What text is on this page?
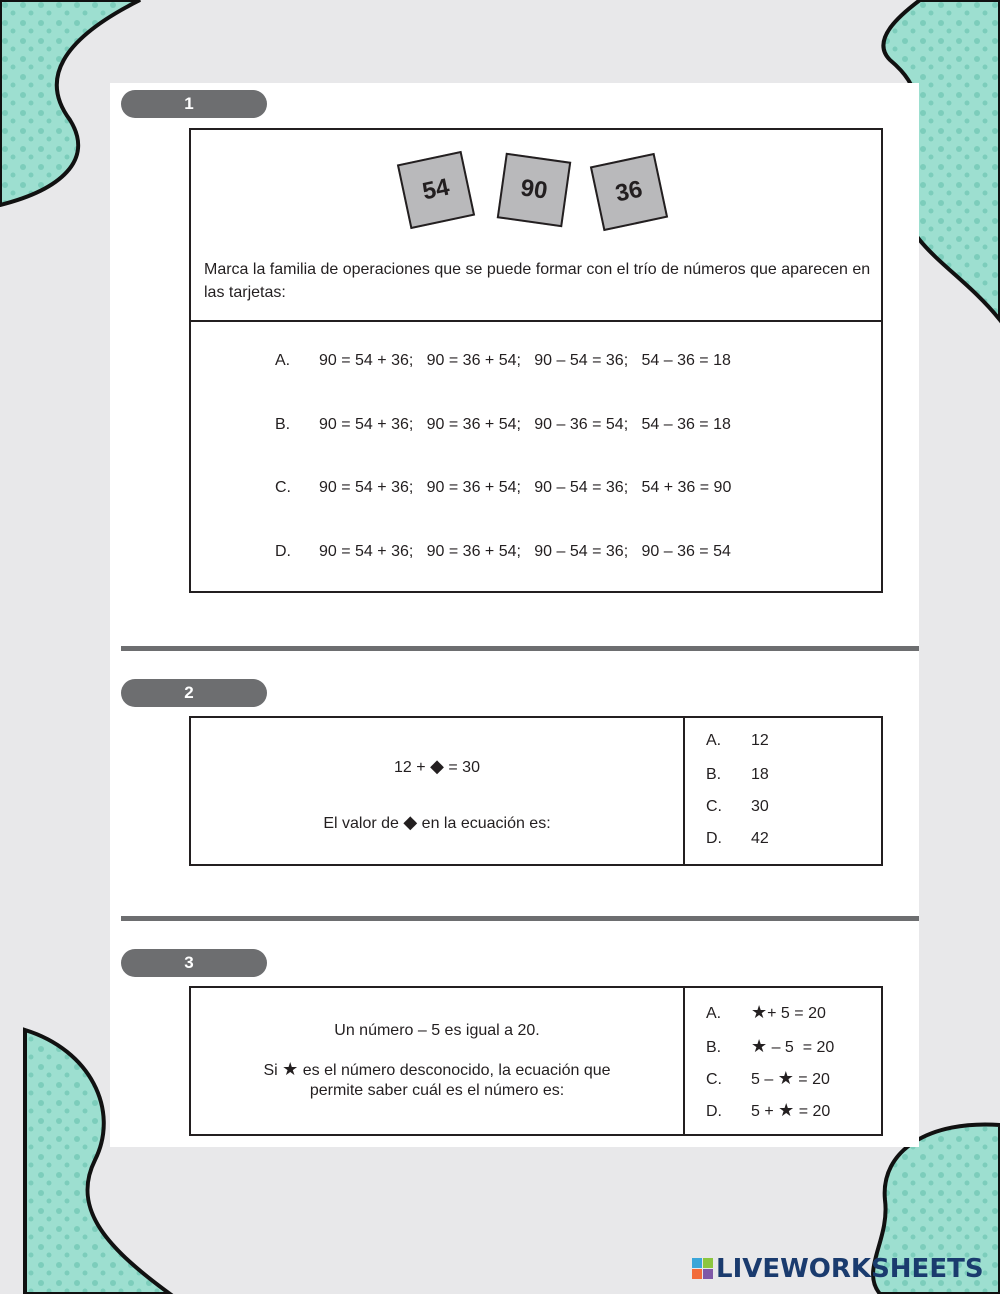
1
54	90	36
Marca la familia de operaciones que se puede formar con el trío de números que aparecen en las tarjetas:
A. 90 = 54 + 36;   90 = 36 + 54;   90 – 54 = 36;   54 – 36 = 18
B. 90 = 54 + 36;   90 = 36 + 54;   90 – 36 = 54;   54 – 36 = 18
C. 90 = 54 + 36;   90 = 36 + 54;   90 – 54 = 36;   54 + 36 = 90
D. 90 = 54 + 36;   90 = 36 + 54;   90 – 54 = 36;   90 – 36 = 54
2
12 + ◆ = 30
El valor de ◆ en la ecuación es:
A. 12
B. 18
C. 30
D. 42
3
Un número – 5 es igual a 20.
Si ★ es el número desconocido, la ecuación que
permite saber cuál es el número es:
A. ★+ 5 = 20
B. ★ – 5  = 20
C. 5 – ★ = 20
D. 5 + ★ = 20
LIVEWORKSHEETS
